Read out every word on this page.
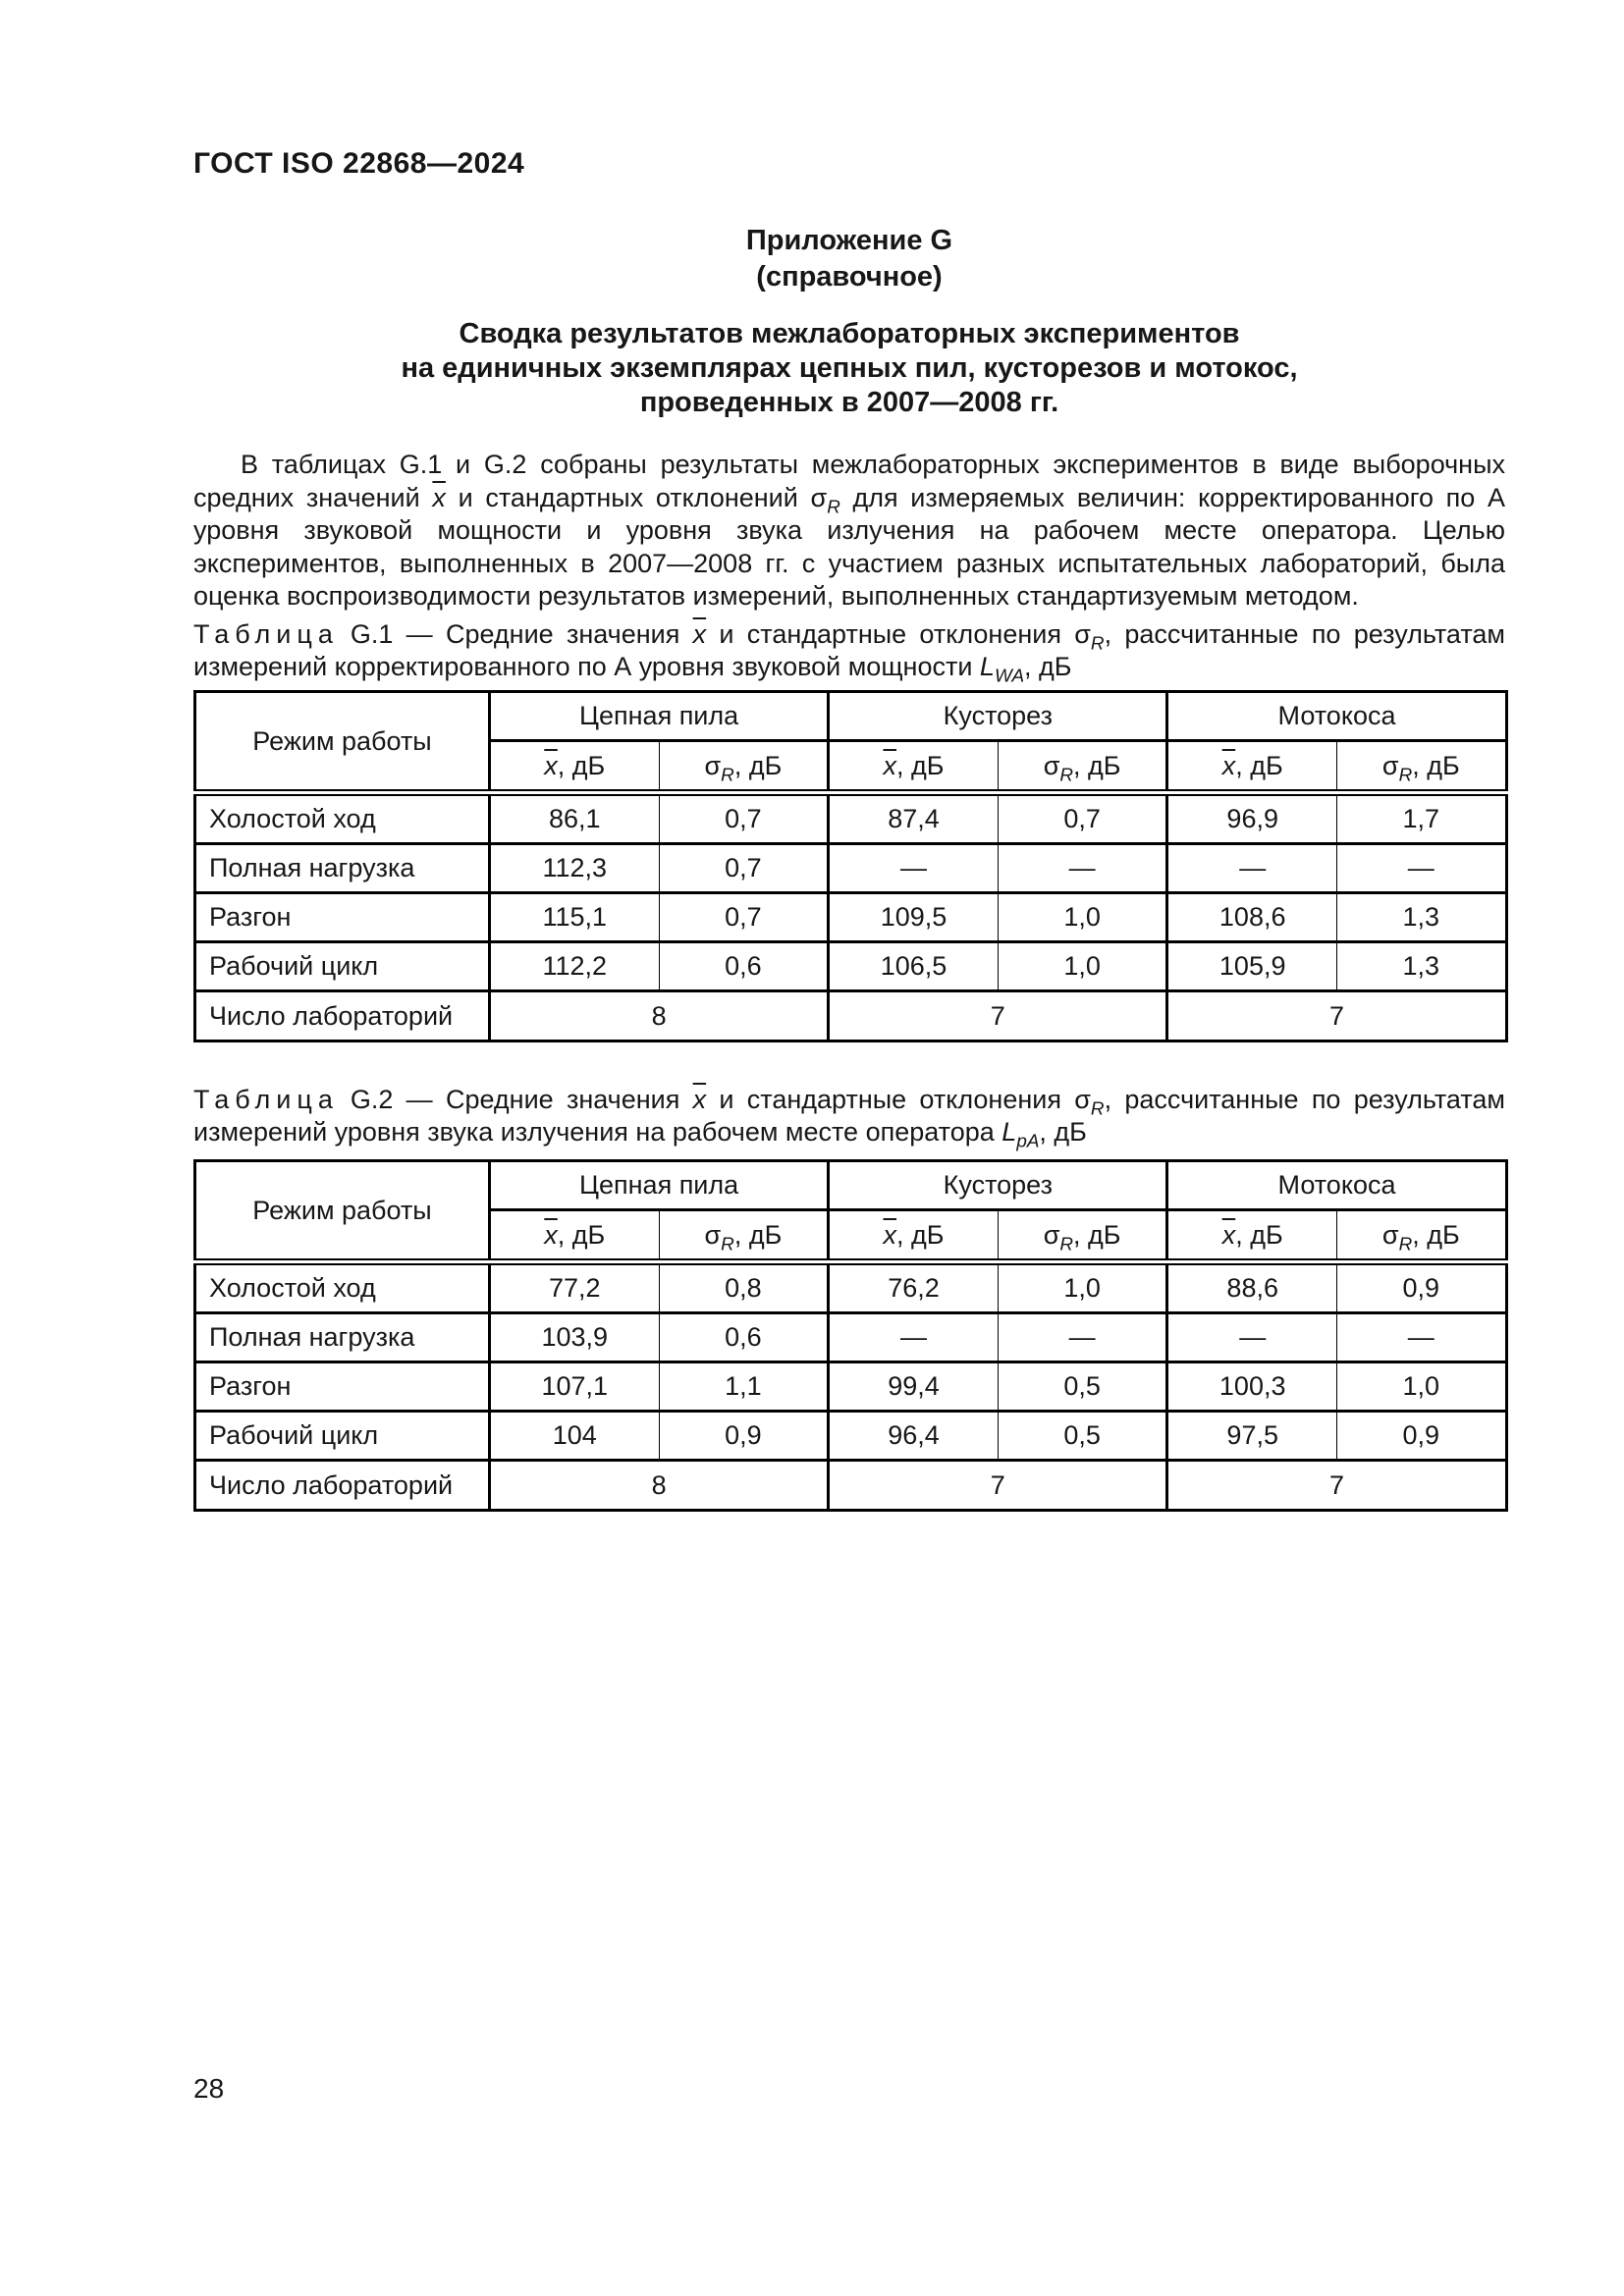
ГОСТ ISO 22868—2024
Приложение G
(справочное)
Сводка результатов межлабораторных экспериментов
на единичных экземплярах цепных пил, кусторезов и мотокос,
проведенных в 2007—2008 гг.

В таблицах G.1 и G.2 собраны результаты межлабораторных экспериментов в виде выборочных средних значений $\overline{x}$ и стандартных отклонений $\sigma_R$ для измеряемых величин: корректированного по А уровня звуковой мощности и уровня звука излучения на рабочем месте оператора. Целью экспериментов, выполненных в 2007—2008 гг. с участием разных испытательных лабораторий, была оценка воспроизводимости результатов измерений, выполненных стандартизуемым методом.

Таблица G.1 — Средние значения $\overline{x}$ и стандартные отклонения $\sigma_R$, рассчитанные по результатам измерений корректированного по А уровня звуковой мощности $L_{WA}$, дБ

Режим работы	Цепная пила		Кусторез		Мотокоса	
	$\overline{x}$, дБ	$\sigma_R$, дБ	$\overline{x}$, дБ	$\sigma_R$, дБ	$\overline{x}$, дБ	$\sigma_R$, дБ
Холостой ход	86,1	0,7	87,4	0,7	96,9	1,7
Полная нагрузка	112,3	0,7	—	—	—	—
Разгон	115,1	0,7	109,5	1,0	108,6	1,3
Рабочий цикл	112,2	0,6	106,5	1,0	105,9	1,3
Число лабораторий	8		7		7	

Таблица G.2 — Средние значения $\overline{x}$ и стандартные отклонения $\sigma_R$, рассчитанные по результатам измерений уровня звука излучения на рабочем месте оператора $L_{pA}$, дБ

Режим работы	Цепная пила		Кусторез		Мотокоса	
	$\overline{x}$, дБ	$\sigma_R$, дБ	$\overline{x}$, дБ	$\sigma_R$, дБ	$\overline{x}$, дБ	$\sigma_R$, дБ
Холостой ход	77,2	0,8	76,2	1,0	88,6	0,9
Полная нагрузка	103,9	0,6	—	—	—	—
Разгон	107,1	1,1	99,4	0,5	100,3	1,0
Рабочий цикл	104	0,9	96,4	0,5	97,5	0,9
Число лабораторий	8		7		7	
28
